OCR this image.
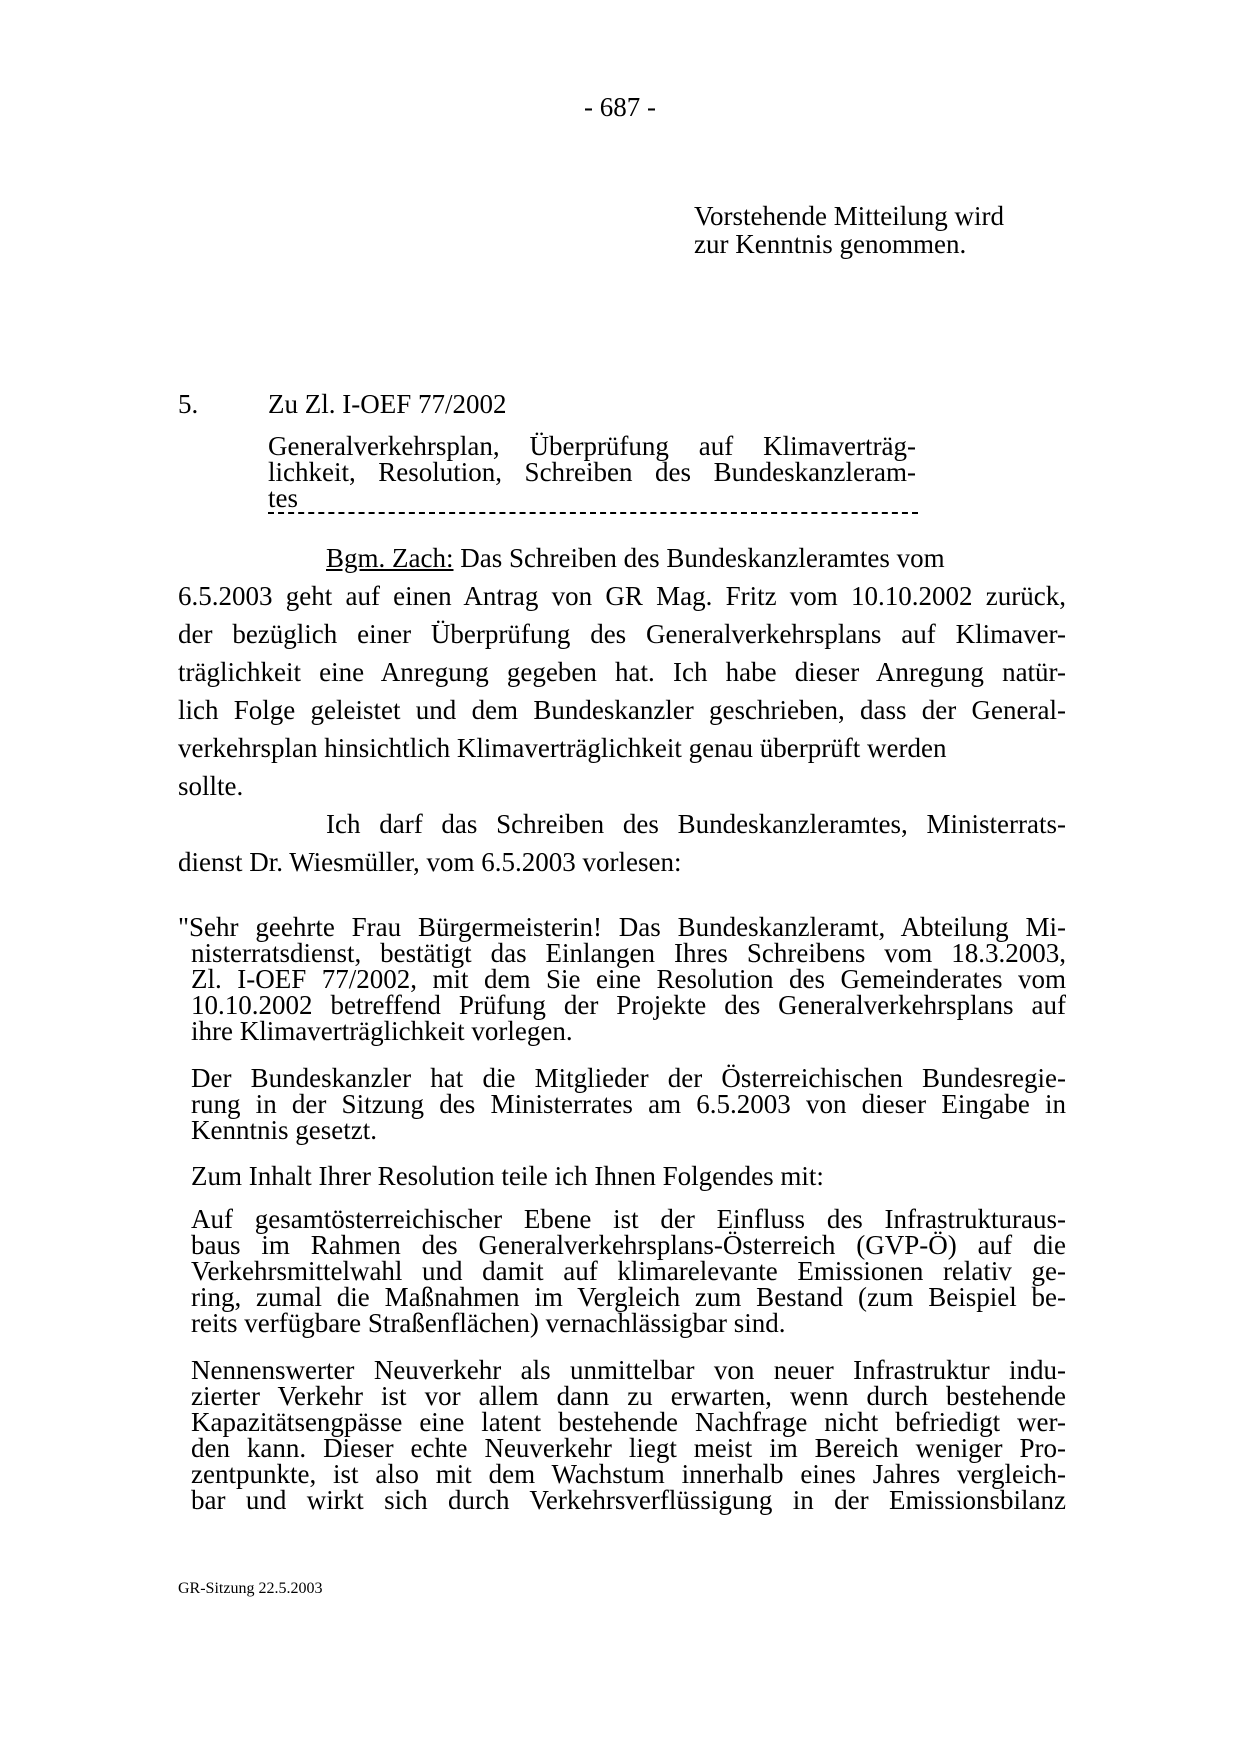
- 687 -
Vorstehende Mitteilung wird
zur Kenntnis genommen.
5.	Zu Zl. I-OEF 77/2002
Generalverkehrsplan, Überprüfung auf Klimaverträg-
lichkeit, Resolution, Schreiben des Bundeskanzleram-
tes
Bgm. Zach: Das Schreiben des Bundeskanzleramtes vom
6.5.2003 geht auf einen Antrag von GR Mag. Fritz vom 10.10.2002 zurück,
der bezüglich einer Überprüfung des Generalverkehrsplans auf Klimaver-
träglichkeit eine Anregung gegeben hat. Ich habe dieser Anregung natür-
lich Folge geleistet und dem Bundeskanzler geschrieben, dass der General-
verkehrsplan hinsichtlich Klimaverträglichkeit genau überprüft werden
sollte.
Ich darf das Schreiben des Bundeskanzleramtes, Ministerrats-
dienst Dr. Wiesmüller, vom 6.5.2003 vorlesen:
"Sehr geehrte Frau Bürgermeisterin! Das Bundeskanzleramt, Abteilung Mi-
nisterratsdienst, bestätigt das Einlangen Ihres Schreibens vom 18.3.2003,
Zl. I-OEF 77/2002, mit dem Sie eine Resolution des Gemeinderates vom
10.10.2002 betreffend Prüfung der Projekte des Generalverkehrsplans auf
ihre Klimaverträglichkeit vorlegen.
Der Bundeskanzler hat die Mitglieder der Österreichischen Bundesregie-
rung in der Sitzung des Ministerrates am 6.5.2003 von dieser Eingabe in
Kenntnis gesetzt.
Zum Inhalt Ihrer Resolution teile ich Ihnen Folgendes mit:
Auf gesamtösterreichischer Ebene ist der Einfluss des Infrastrukturaus-
baus im Rahmen des Generalverkehrsplans-Österreich (GVP-Ö) auf die
Verkehrsmittelwahl und damit auf klimarelevante Emissionen relativ ge-
ring, zumal die Maßnahmen im Vergleich zum Bestand (zum Beispiel be-
reits verfügbare Straßenflächen) vernachlässigbar sind.
Nennenswerter Neuverkehr als unmittelbar von neuer Infrastruktur indu-
zierter Verkehr ist vor allem dann zu erwarten, wenn durch bestehende
Kapazitätsengpässe eine latent bestehende Nachfrage nicht befriedigt wer-
den kann. Dieser echte Neuverkehr liegt meist im Bereich weniger Pro-
zentpunkte, ist also mit dem Wachstum innerhalb eines Jahres vergleich-
bar und wirkt sich durch Verkehrsverflüssigung in der Emissionsbilanz
GR-Sitzung 22.5.2003
